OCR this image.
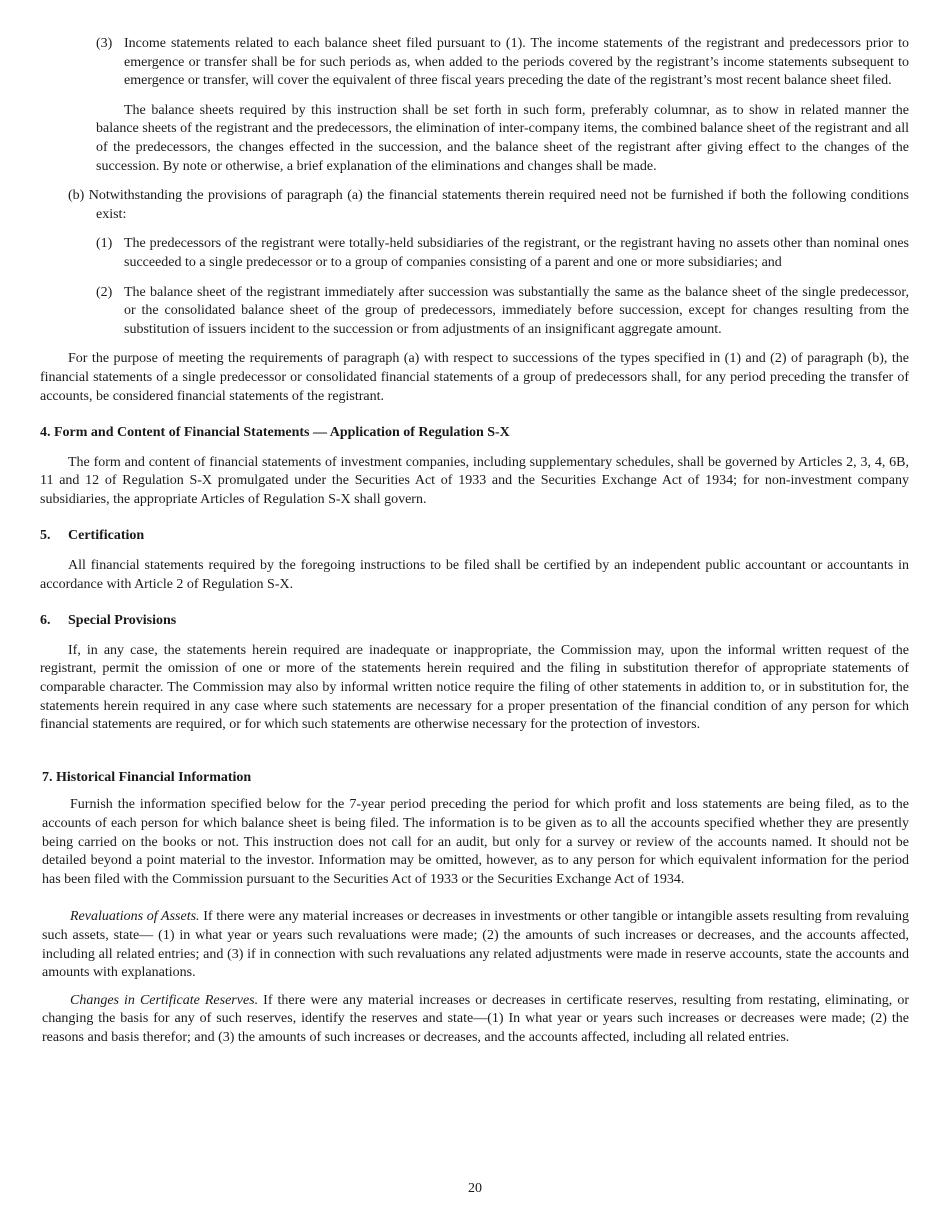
(3) Income statements related to each balance sheet filed pursuant to (1). The income statements of the registrant and predecessors prior to emergence or transfer shall be for such periods as, when added to the periods covered by the registrant’s income statements subsequent to emergence or transfer, will cover the equivalent of three fiscal years preceding the date of the registrant’s most recent balance sheet filed.

The balance sheets required by this instruction shall be set forth in such form, preferably columnar, as to show in related manner the balance sheets of the registrant and the predecessors, the elimination of inter-company items, the combined balance sheet of the registrant and all of the predecessors, the changes effected in the succession, and the balance sheet of the registrant after giving effect to the changes of the succession. By note or otherwise, a brief explanation of the eliminations and changes shall be made.

(b) Notwithstanding the provisions of paragraph (a) the financial statements therein required need not be furnished if both the following conditions exist:

(1) The predecessors of the registrant were totally-held subsidiaries of the registrant, or the registrant having no assets other than nominal ones succeeded to a single predecessor or to a group of companies consisting of a parent and one or more subsidiaries; and

(2) The balance sheet of the registrant immediately after succession was substantially the same as the balance sheet of the single predecessor, or the consolidated balance sheet of the group of predecessors, immediately before succession, except for changes resulting from the substitution of issuers incident to the succession or from adjustments of an insignificant aggregate amount.

For the purpose of meeting the requirements of paragraph (a) with respect to successions of the types specified in (1) and (2) of paragraph (b), the financial statements of a single predecessor or consolidated financial statements of a group of predecessors shall, for any period preceding the transfer of accounts, be considered financial statements of the registrant.

4. Form and Content of Financial Statements — Application of Regulation S-X

The form and content of financial statements of investment companies, including supplementary schedules, shall be governed by Articles 2, 3, 4, 6B, 11 and 12 of Regulation S-X promulgated under the Securities Act of 1933 and the Securities Exchange Act of 1934; for non-investment company subsidiaries, the appropriate Articles of Regulation S-X shall govern.

5.     Certification

All financial statements required by the foregoing instructions to be filed shall be certified by an independent public accountant or accountants in accordance with Article 2 of Regulation S-X.

6.     Special Provisions

If, in any case, the statements herein required are inadequate or inappropriate, the Commission may, upon the informal written request of the registrant, permit the omission of one or more of the statements herein required and the filing in substitution therefor of appropriate statements of comparable character. The Commission may also by informal written notice require the filing of other statements in addition to, or in substitution for, the statements herein required in any case where such statements are necessary for a proper presentation of the financial condition of any person for which financial statements are required, or for which such statements are otherwise necessary for the protection of investors.

7. Historical Financial Information

Furnish the information specified below for the 7-year period preceding the period for which profit and loss statements are being filed, as to the accounts of each person for which balance sheet is being filed. The information is to be given as to all the accounts specified whether they are presently being carried on the books or not. This instruction does not call for an audit, but only for a survey or review of the accounts named. It should not be detailed beyond a point material to the investor. Information may be omitted, however, as to any person for which equivalent information for the period has been filed with the Commission pursuant to the Securities Act of 1933 or the Securities Exchange Act of 1934.

Revaluations of Assets. If there were any material increases or decreases in investments or other tangible or intangible assets resulting from revaluing such assets, state— (1) in what year or years such revaluations were made; (2) the amounts of such increases or decreases, and the accounts affected, including all related entries; and (3) if in connection with such revaluations any related adjustments were made in reserve accounts, state the accounts and amounts with explanations.

Changes in Certificate Reserves. If there were any material increases or decreases in certificate reserves, resulting from restating, eliminating, or changing the basis for any of such reserves, identify the reserves and state—(1) In what year or years such increases or decreases were made; (2) the reasons and basis therefor; and (3) the amounts of such increases or decreases, and the accounts affected, including all related entries.

20
